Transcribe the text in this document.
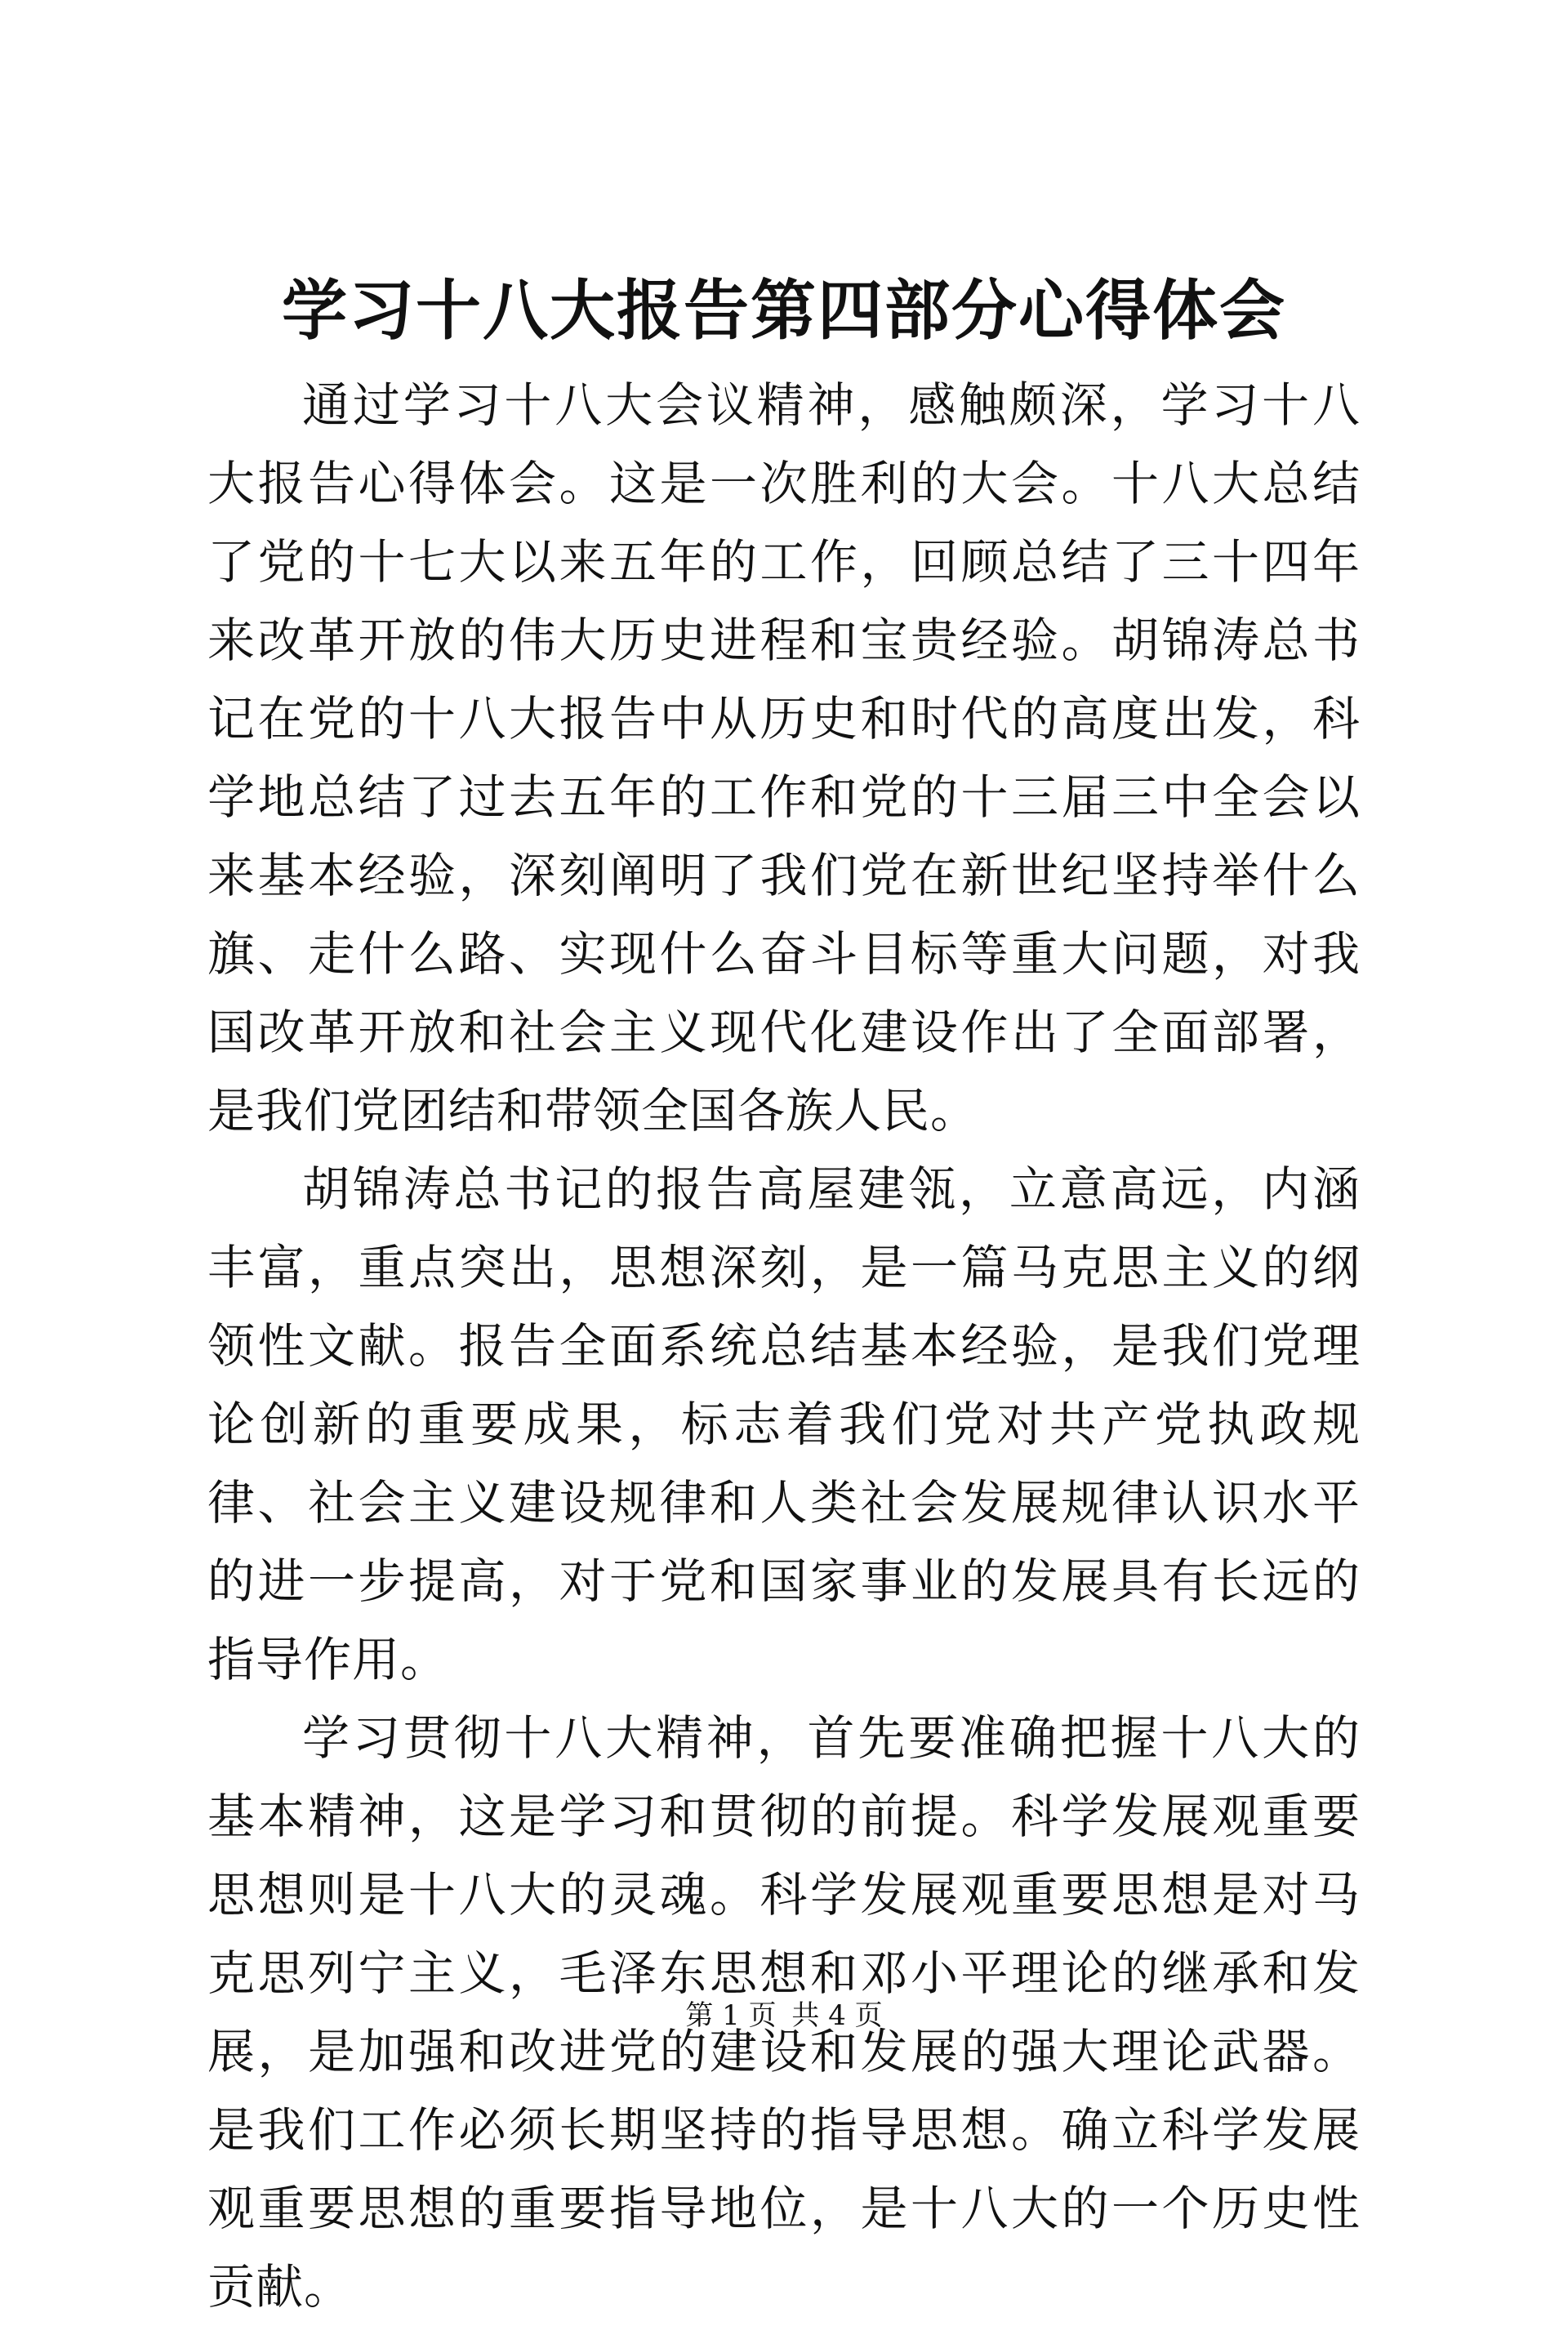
学习十八大报告第四部分心得体会

通过学习十八大会议精神，感触颇深，学习十八大报告心得体会。这是一次胜利的大会。十八大总结了党的十七大以来五年的工作，回顾总结了三十四年来改革开放的伟大历史进程和宝贵经验。胡锦涛总书记在党的十八大报告中从历史和时代的高度出发，科学地总结了过去五年的工作和党的十三届三中全会以来基本经验，深刻阐明了我们党在新世纪坚持举什么旗、走什么路、实现什么奋斗目标等重大问题，对我国改革开放和社会主义现代化建设作出了全面部署，是我们党团结和带领全国各族人民。

胡锦涛总书记的报告高屋建瓴，立意高远，内涵丰富，重点突出，思想深刻，是一篇马克思主义的纲领性文献。报告全面系统总结基本经验，是我们党理论创新的重要成果，标志着我们党对共产党执政规律、社会主义建设规律和人类社会发展规律认识水平的进一步提高，对于党和国家事业的发展具有长远的指导作用。

学习贯彻十八大精神，首先要准确把握十八大的基本精神，这是学习和贯彻的前提。科学发展观重要思想则是十八大的灵魂。科学发展观重要思想是对马克思列宁主义，毛泽东思想和邓小平理论的继承和发展，是加强和改进党的建设和发展的强大理论武器。是我们工作必须长期坚持的指导思想。确立科学发展观重要思想的重要指导地位，是十八大的一个历史性贡献。

第 1 页 共 4 页
